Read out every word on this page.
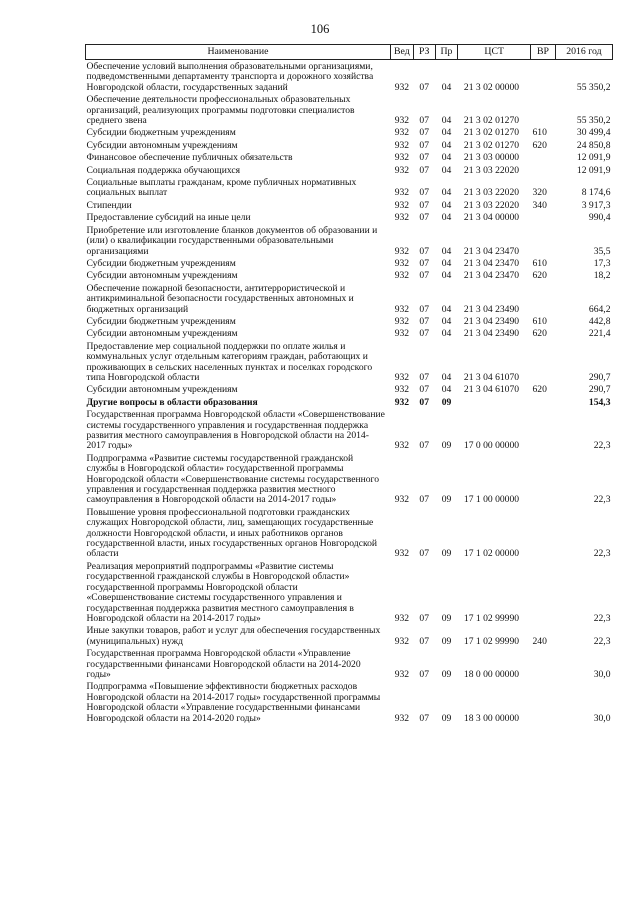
106
Наименование	Вед	РЗ	Пр	ЦСТ	ВР	2016 год
Обеспечение условий выполнения образовательными организациями, подведомственными департаменту транспорта и дорожного хозяйства Новгородской области, государственных заданий	932	07	04	21 3 02 00000		55 350,2
Обеспечение деятельности профессиональных образовательных организаций, реализующих программы подготовки специалистов среднего звена	932	07	04	21 3 02 01270		55 350,2
Субсидии бюджетным учреждениям	932	07	04	21 3 02 01270	610	30 499,4
Субсидии автономным учреждениям	932	07	04	21 3 02 01270	620	24 850,8
Финансовое обеспечение публичных обязательств	932	07	04	21 3 03 00000		12 091,9
Социальная поддержка обучающихся	932	07	04	21 3 03 22020		12 091,9
Социальные выплаты гражданам, кроме публичных нормативных социальных выплат	932	07	04	21 3 03 22020	320	8 174,6
Стипендии	932	07	04	21 3 03 22020	340	3 917,3
Предоставление субсидий на иные цели	932	07	04	21 3 04 00000		990,4
Приобретение или изготовление бланков документов об образовании и (или) о квалификации государственными образовательными организациями	932	07	04	21 3 04 23470		35,5
Субсидии бюджетным учреждениям	932	07	04	21 3 04 23470	610	17,3
Субсидии автономным учреждениям	932	07	04	21 3 04 23470	620	18,2
Обеспечение пожарной безопасности, антитеррористической и антикриминальной безопасности государственных автономных и бюджетных организаций	932	07	04	21 3 04 23490		664,2
Субсидии бюджетным учреждениям	932	07	04	21 3 04 23490	610	442,8
Субсидии автономным учреждениям	932	07	04	21 3 04 23490	620	221,4
Предоставление мер социальной поддержки по оплате жилья и коммунальных услуг отдельным категориям граждан, работающих и проживающих в сельских населенных пунктах и поселках городского типа Новгородской области	932	07	04	21 3 04 61070		290,7
Субсидии автономным учреждениям	932	07	04	21 3 04 61070	620	290,7
Другие вопросы в области образования	932	07	09			154,3
Государственная программа Новгородской области «Совершенствование системы государственного управления и государственная поддержка развития местного самоуправления в Новгородской области на 2014-2017 годы»	932	07	09	17 0 00 00000		22,3
Подпрограмма «Развитие системы государственной гражданской службы в Новгородской области» государственной программы Новгородской области «Совершенствование системы государственного управления и государственная поддержка развития местного самоуправления в Новгородской области на 2014-2017 годы»	932	07	09	17 1 00 00000		22,3
Повышение уровня профессиональной подготовки гражданских служащих Новгородской области, лиц, замещающих государственные должности Новгородской области, и иных работников органов государственной власти, иных государственных органов Новгородской области	932	07	09	17 1 02 00000		22,3
Реализация мероприятий подпрограммы «Развитие системы государственной гражданской службы в Новгородской области» государственной программы Новгородской области «Совершенствование системы государственного управления и государственная поддержка развития местного самоуправления в Новгородской области на 2014-2017 годы»	932	07	09	17 1 02 99990		22,3
Иные закупки товаров, работ и услуг для обеспечения государственных (муниципальных) нужд	932	07	09	17 1 02 99990	240	22,3
Государственная программа Новгородской области «Управление государственными финансами Новгородской области на 2014-2020 годы»	932	07	09	18 0 00 00000		30,0
Подпрограмма «Повышение эффективности бюджетных расходов Новгородской области на 2014-2017 годы» государственной программы Новгородской области «Управление государственными финансами Новгородской области на 2014-2020 годы»	932	07	09	18 3 00 00000		30,0
